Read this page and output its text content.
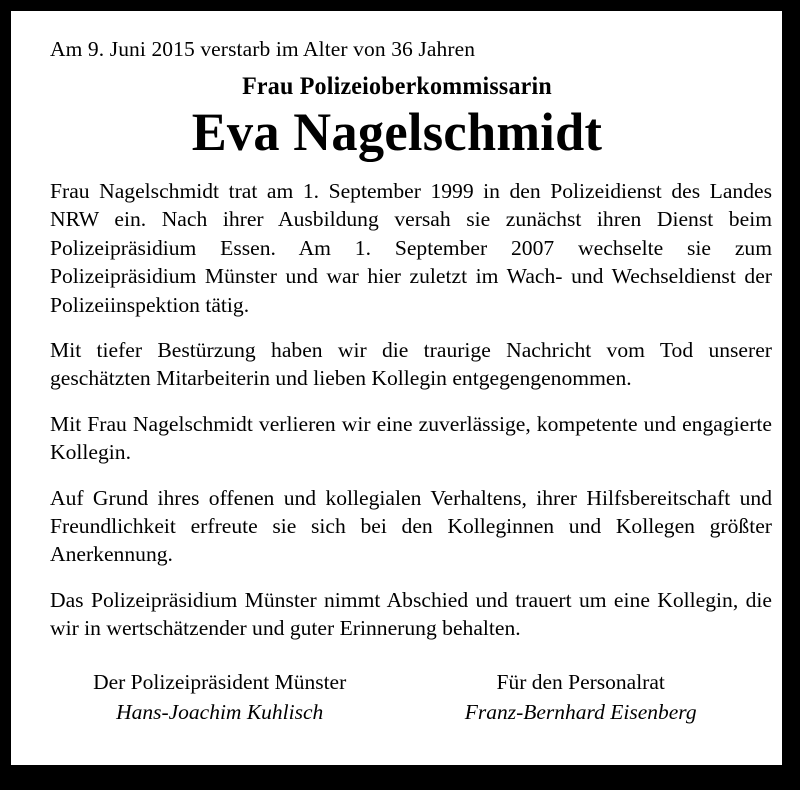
Am 9. Juni 2015 verstarb im Alter von 36 Jahren

Frau Polizeioberkommissarin

Eva Nagelschmidt

Frau Nagelschmidt trat am 1. September 1999 in den Polizeidienst des Landes NRW ein. Nach ihrer Ausbildung versah sie zunächst ihren Dienst beim Polizeipräsidium Essen. Am 1. September 2007 wechselte sie zum Polizeipräsidium Münster und war hier zuletzt im Wach- und Wechseldienst der Polizeiinspektion tätig.

Mit tiefer Bestürzung haben wir die traurige Nachricht vom Tod unserer geschätzten Mitarbeiterin und lieben Kollegin entgegengenommen.

Mit Frau Nagelschmidt verlieren wir eine zuverlässige, kompetente und engagierte Kollegin.

Auf Grund ihres offenen und kollegialen Verhaltens, ihrer Hilfsbereitschaft und Freundlichkeit erfreute sie sich bei den Kolleginnen und Kollegen größter Anerkennung.

Das Polizeipräsidium Münster nimmt Abschied und trauert um eine Kollegin, die wir in wertschätzender und guter Erinnerung behalten.

Der Polizeipräsident Münster

Hans-Joachim Kuhlisch

Für den Personalrat

Franz-Bernhard Eisenberg
